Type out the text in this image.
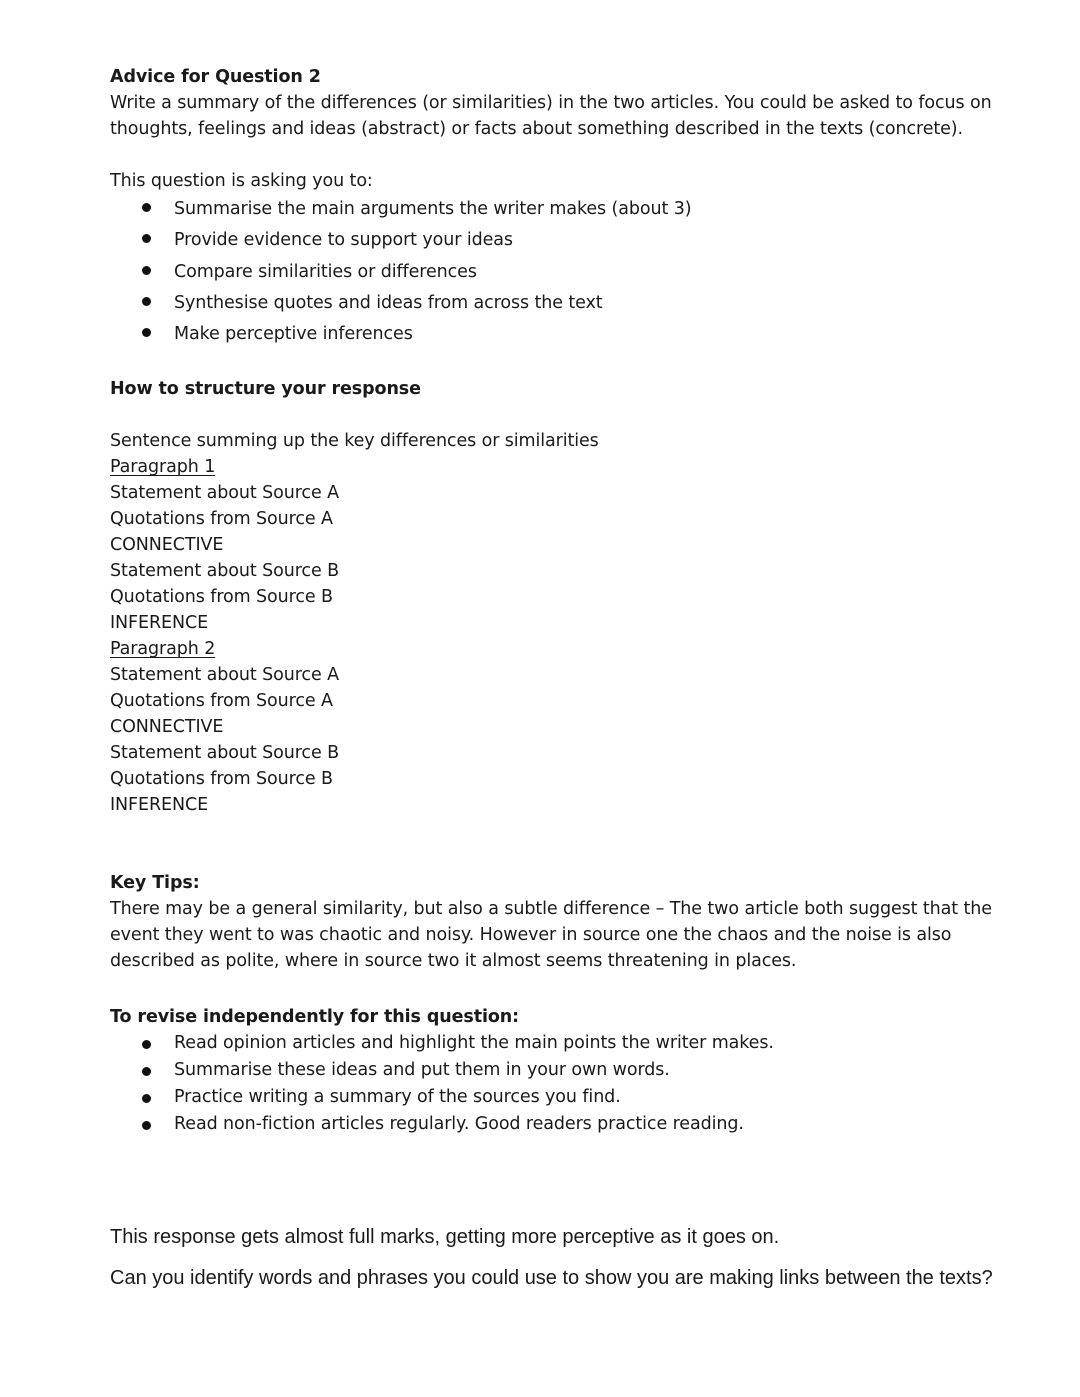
Advice for Question 2

Write a summary of the differences (or similarities) in the two articles. You could be asked to focus on thoughts, feelings and ideas (abstract) or facts about something described in the texts (concrete).

This question is asking you to:

Summarise the main arguments the writer makes (about 3)
Provide evidence to support your ideas
Compare similarities or differences
Synthesise quotes and ideas from across the text
Make perceptive inferences

How to structure your response

Sentence summing up the key differences or similarities

Paragraph 1

Statement about Source A

Quotations from Source A

CONNECTIVE

Statement about Source B

Quotations from Source B

INFERENCE

Paragraph 2

Statement about Source A

Quotations from Source A

CONNECTIVE

Statement about Source B

Quotations from Source B

INFERENCE

Key Tips:

There may be a general similarity, but also a subtle difference – The two article both suggest that the event they went to was chaotic and noisy. However in source one the chaos and the noise is also described as polite, where in source two it almost seems threatening in places.

To revise independently for this question:

Read opinion articles and highlight the main points the writer makes.
Summarise these ideas and put them in your own words.
Practice writing a summary of the sources you find.
Read non-fiction articles regularly. Good readers practice reading.

This response gets almost full marks, getting more perceptive as it goes on.

Can you identify words and phrases you could use to show you are making links between the texts?
